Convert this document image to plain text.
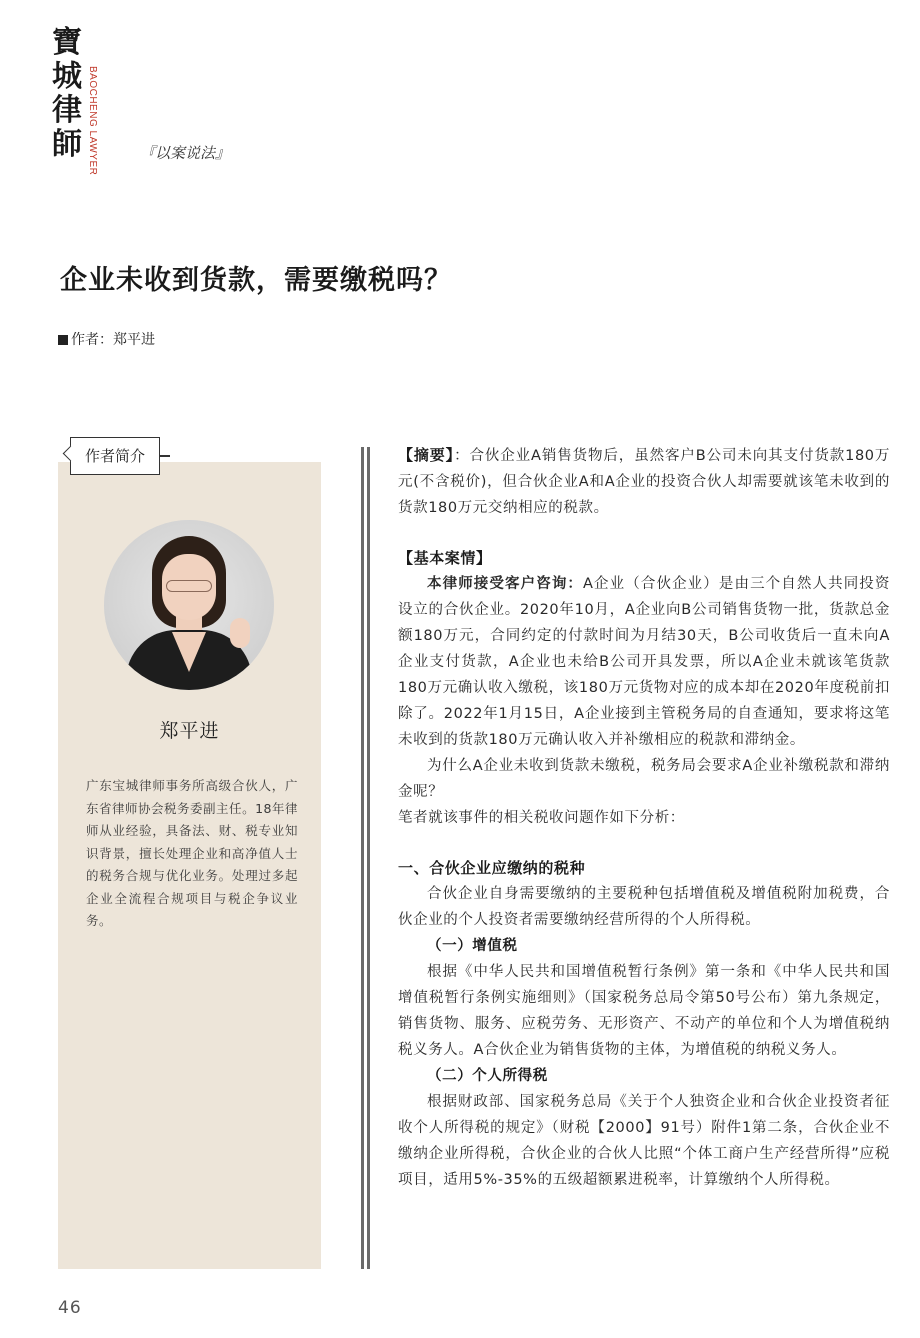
寶
城
律
師 BAOCHENG LAWYER	『以案说法』
企业未收到货款，需要缴税吗？
作者：郑平进
作者简介
郑平进
广东宝城律师事务所高级合伙人，广东省律师协会税务委副主任。18年律师从业经验，具备法、财、税专业知识背景，擅长处理企业和高净值人士的税务合规与优化业务。处理过多起企业全流程合规项目与税企争议业务。

【摘要】：合伙企业A销售货物后，虽然客户B公司未向其支付货款180万元(不含税价)，但合伙企业A和A企业的投资合伙人却需要就该笔未收到的货款180万元交纳相应的税款。

【基本案情】

本律师接受客户咨询：A企业（合伙企业）是由三个自然人共同投资设立的合伙企业。2020年10月，A企业向B公司销售货物一批，货款总金额180万元，合同约定的付款时间为月结30天，B公司收货后一直未向A企业支付货款，A企业也未给B公司开具发票，所以A企业未就该笔货款180万元确认收入缴税，该180万元货物对应的成本却在2020年度税前扣除了。2022年1月15日，A企业接到主管税务局的自查通知，要求将这笔未收到的货款180万元确认收入并补缴相应的税款和滞纳金。

为什么A企业未收到货款未缴税，税务局会要求A企业补缴税款和滞纳金呢？

笔者就该事件的相关税收问题作如下分析：

一、合伙企业应缴纳的税种

合伙企业自身需要缴纳的主要税种包括增值税及增值税附加税费，合伙企业的个人投资者需要缴纳经营所得的个人所得税。

（一）增值税

根据《中华人民共和国增值税暂行条例》第一条和《中华人民共和国增值税暂行条例实施细则》（国家税务总局令第50号公布）第九条规定，销售货物、服务、应税劳务、无形资产、不动产的单位和个人为增值税纳税义务人。A合伙企业为销售货物的主体，为增值税的纳税义务人。

（二）个人所得税

根据财政部、国家税务总局《关于个人独资企业和合伙企业投资者征收个人所得税的规定》（财税【2000】91号）附件1第二条，合伙企业不缴纳企业所得税，合伙企业的合伙人比照“个体工商户生产经营所得”应税项目，适用5%-35%的五级超额累进税率，计算缴纳个人所得税。

46
